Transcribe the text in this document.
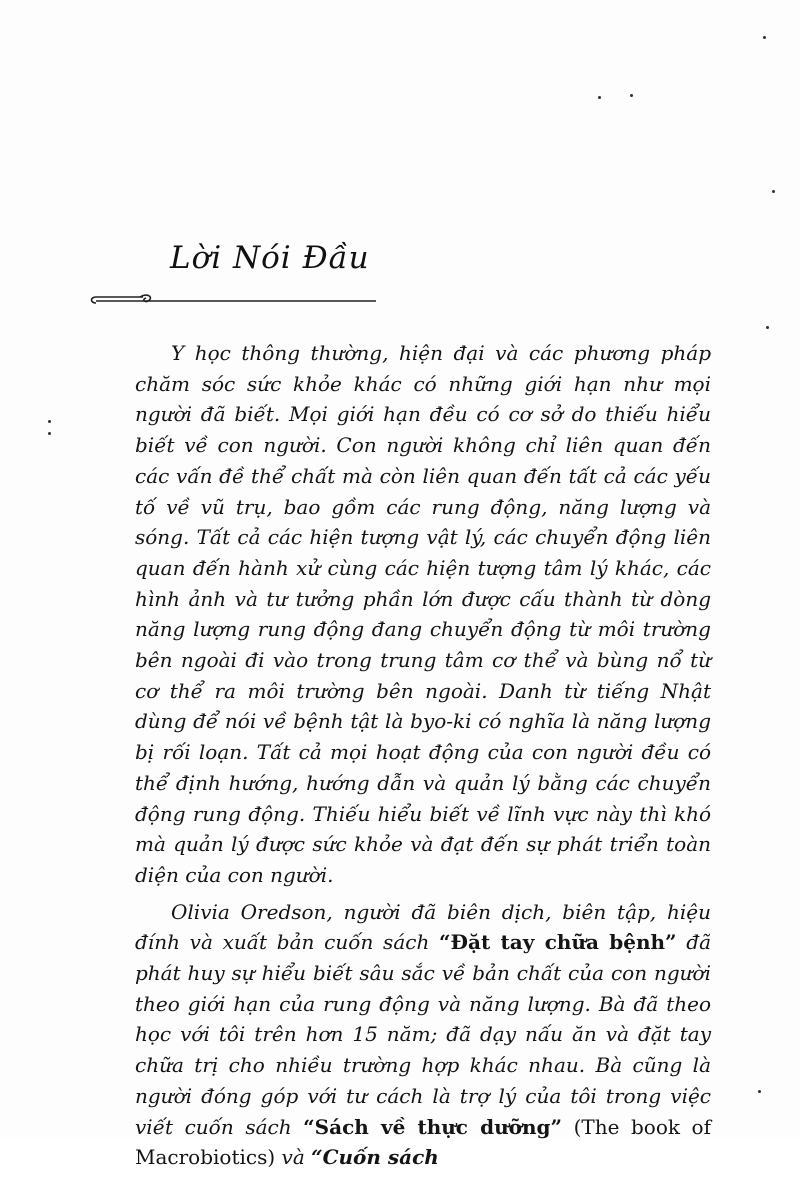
Lời Nói Đầu

Y học thông thường, hiện đại và các phương pháp chăm sóc sức khỏe khác có những giới hạn như mọi người đã biết. Mọi giới hạn đều có cơ sở do thiếu hiểu biết về con người. Con người không chỉ liên quan đến các vấn đề thể chất mà còn liên quan đến tất cả các yếu tố về vũ trụ, bao gồm các rung động, năng lượng và sóng. Tất cả các hiện tượng vật lý, các chuyển động liên quan đến hành xử cùng các hiện tượng tâm lý khác, các hình ảnh và tư tưởng phần lớn được cấu thành từ dòng năng lượng rung động đang chuyển động từ môi trường bên ngoài đi vào trong trung tâm cơ thể và bùng nổ từ cơ thể ra môi trường bên ngoài. Danh từ tiếng Nhật dùng để nói về bệnh tật là byo-ki có nghĩa là năng lượng bị rối loạn. Tất cả mọi hoạt động của con người đều có thể định hướng, hướng dẫn và quản lý bằng các chuyển động rung động. Thiếu hiểu biết về lĩnh vực này thì khó mà quản lý được sức khỏe và đạt đến sự phát triển toàn diện của con người.

Olivia Oredson, người đã biên dịch, biên tập, hiệu đính và xuất bản cuốn sách “Đặt tay chữa bệnh” đã phát huy sự hiểu biết sâu sắc về bản chất của con người theo giới hạn của rung động và năng lượng. Bà đã theo học với tôi trên hơn 15 năm; đã dạy nấu ăn và đặt tay chữa trị cho nhiều trường hợp khác nhau. Bà cũng là người đóng góp với tư cách là trợ lý của tôi trong việc viết cuốn sách “Sách về thực dưỡng” (The book of Macrobiotics) và “Cuốn sách
